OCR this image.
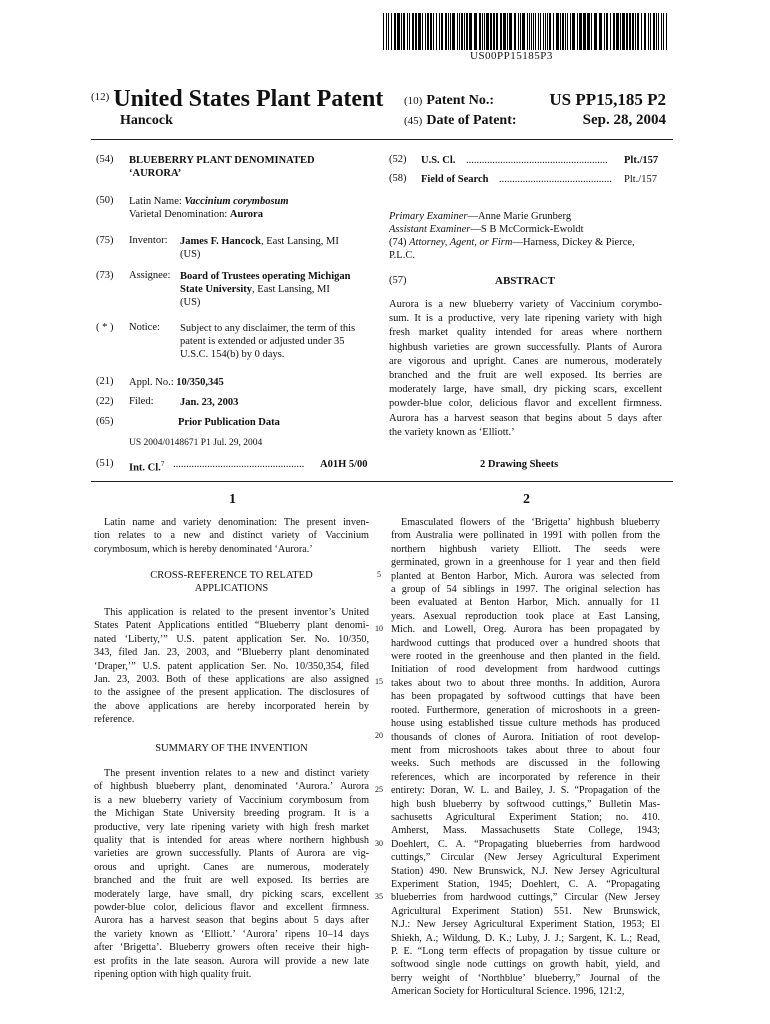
US00PP15185P3
$^{(12)}$ United States Plant Patent
Hancock
(10) Patent No.:	US PP15,185 P2
(45) Date of Patent:	Sep. 28, 2004
(54) BLUEBERRY PLANT DENOMINATED
‘AURORA’
(50) Latin Name: Vaccinium corymbosum
Varietal Denomination: Aurora
(75) Inventor: James F. Hancock, East Lansing, MI
(US)
(73) Assignee: Board of Trustees operating Michigan
State University, East Lansing, MI
(US)
( * ) Notice: Subject to any disclaimer, the term of this
patent is extended or adjusted under 35
U.S.C. 154(b) by 0 days.
(21) Appl. No.: 10/350,345
(22) Filed:	Jan. 23, 2003
(65)	Prior Publication Data
US 2004/0148671 P1 Jul. 29, 2004
(51) Int. Cl.$^7$ ..................................................	A01H 5/00
(52) U.S. Cl. ......................................................	Plt./157
(58) Field of Search ...........................................	Plt./157
Primary Examiner—Anne Marie Grunberg
Assistant Examiner—S B McCormick-Ewoldt
(74) Attorney, Agent, or Firm—Harness, Dickey & Pierce,
P.L.C.
(57)	ABSTRACT
Aurora is a new blueberry variety of Vaccinium corymbo-
sum. It is a productive, very late ripening variety with high
fresh market quality intended for areas where northern
highbush varieties are grown successfully. Plants of Aurora
are vigorous and upright. Canes are numerous, moderately
branched and the fruit are well exposed. Its berries are
moderately large, have small, dry picking scars, excellent
powder-blue color, delicious flavor and excellent firmness.
Aurora has a harvest season that begins about 5 days after
the variety known as ‘Elliott.’
2 Drawing Sheets
1	2
Latin name and variety denomination: The present inven-
tion relates to a new and distinct variety of Vaccinium
corymbosum, which is hereby denominated ‘Aurora.’
CROSS-REFERENCE TO RELATED
APPLICATIONS
This application is related to the present inventor’s United
States Patent Applications entitled “Blueberry plant denomi-
nated ‘Liberty,’” U.S. patent application Ser. No. 10/350,
343, filed Jan. 23, 2003, and “Blueberry plant denominated
‘Draper,’” U.S. patent application Ser. No. 10/350,354, filed
Jan. 23, 2003. Both of these applications are also assigned
to the assignee of the present application. The disclosures of
the above applications are hereby incorporated herein by
reference.
SUMMARY OF THE INVENTION
The present invention relates to a new and distinct variety
of highbush blueberry plant, denominated ‘Aurora.’ Aurora
is a new blueberry variety of Vaccinium corymbosum from
the Michigan State University breeding program. It is a
productive, very late ripening variety with high fresh market
quality that is intended for areas where northern highbush
varieties are grown successfully. Plants of Aurora are vig-
orous and upright. Canes are numerous, moderately
branched and the fruit are well exposed. Its berries are
moderately large, have small, dry picking scars, excellent
powder-blue color, delicious flavor and excellent firmness.
Aurora has a harvest season that begins about 5 days after
the variety known as ‘Elliott.’ ‘Aurora’ ripens 10–14 days
after ‘Brigetta’. Blueberry growers often receive their high-
est profits in the late season. Aurora will provide a new late
ripening option with high quality fruit.
5
10
15
20
25
30
35
Emasculated flowers of the ‘Brigetta’ highbush blueberry
from Australia were pollinated in 1991 with pollen from the
northern highbush variety Elliott. The seeds were
germinated, grown in a greenhouse for 1 year and then field
planted at Benton Harbor, Mich. Aurora was selected from
a group of 54 siblings in 1997. The original selection has
been evaluated at Benton Harbor, Mich. annually for 11
years. Asexual reproduction took place at East Lansing,
Mich. and Lowell, Oreg. Aurora has been propagated by
hardwood cuttings that produced over a hundred shoots that
were rooted in the greenhouse and then planted in the field.
Initiation of rood development from hardwood cuttings
takes about two to about three months. In addition, Aurora
has been propagated by softwood cuttings that have been
rooted. Furthermore, generation of microshoots in a green-
house using established tissue culture methods has produced
thousands of clones of Aurora. Initiation of root develop-
ment from microshoots takes about three to about four
weeks. Such methods are discussed in the following
references, which are incorporated by reference in their
entirety: Doran, W. L. and Bailey, J. S. “Propagation of the
high bush blueberry by softwood cuttings,” Bulletin Mas-
sachusetts Agricultural Experiment Station; no. 410.
Amherst, Mass. Massachusetts State College, 1943;
Doehlert, C. A. “Propagating blueberries from hardwood
cuttings,” Circular (New Jersey Agricultural Experiment
Station) 490. New Brunswick, N.J. New Jersey Agricultural
Experiment Station, 1945; Doehlert, C. A. “Propagating
blueberries from hardwood cuttings,” Circular (New Jersey
Agricultural Experiment Station) 551. New Brunswick,
N.J.: New Jersey Agricultural Experiment Station, 1953; El
Shiekh, A.; Wildung, D. K.; Luby, J. J.; Sargent, K. L.; Read,
P. E. “Long term effects of propagation by tissue culture or
softwood single node cuttings on growth habit, yield, and
berry weight of ‘Northblue’ blueberry,” Journal of the
American Society for Horticultural Science. 1996, 121:2,
